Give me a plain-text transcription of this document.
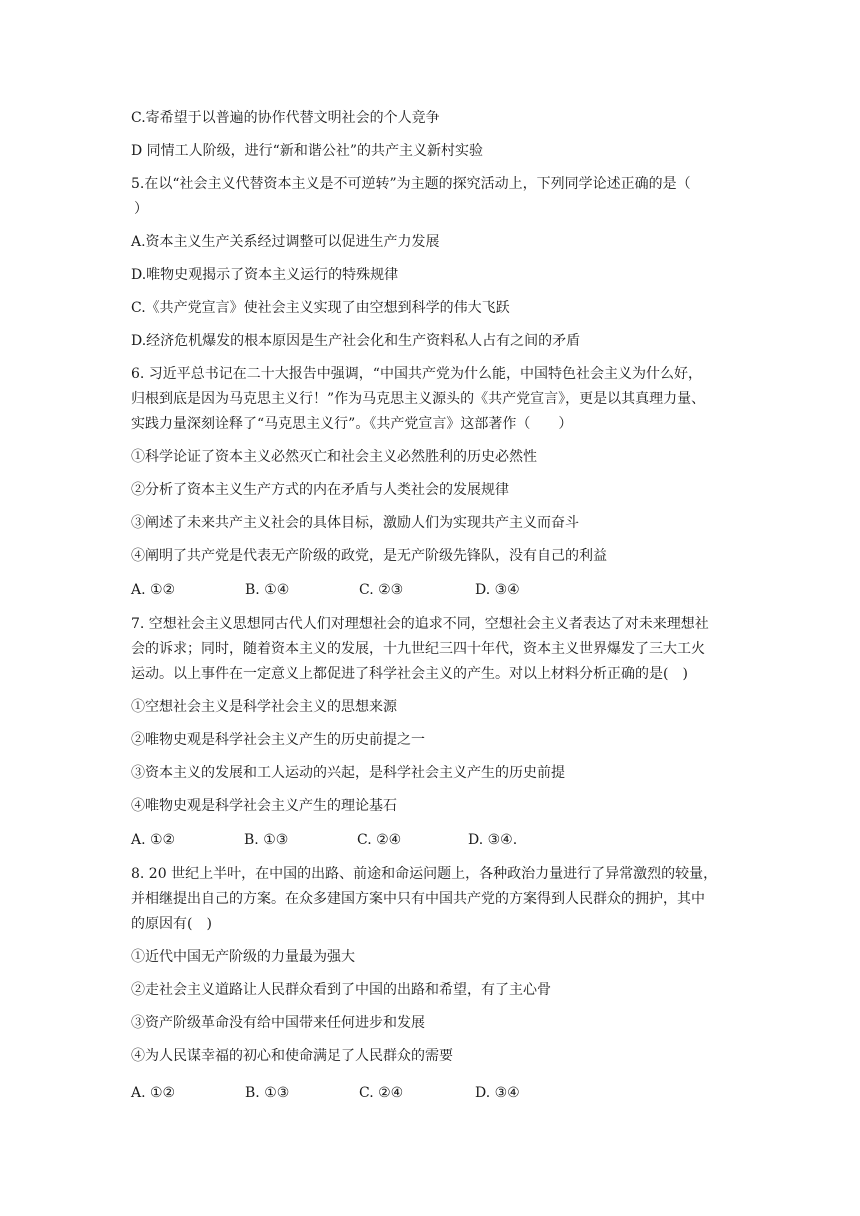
C.寄希望于以普遍的协作代替文明社会的个人竞争
D 同情工人阶级，进行“新和谐公社”的共产主义新村实验
5.在以“社会主义代替资本主义是不可逆转”为主题的探究活动上，下列同学论述正确的是（
）
A.资本主义生产关系经过调整可以促进生产力发展
D.唯物史观揭示了资本主义运行的特殊规律
C.《共产党宣言》使社会主义实现了由空想到科学的伟大飞跃
D.经济危机爆发的根本原因是生产社会化和生产资料私人占有之间的矛盾
6. 习近平总书记在二十大报告中强调，“中国共产党为什么能，中国特色社会主义为什么好，
归根到底是因为马克思主义行！”作为马克思主义源头的《共产党宣言》，更是以其真理力量、
实践力量深刻诠释了“马克思主义行”。《共产党宣言》这部著作（　　）
①科学论证了资本主义必然灭亡和社会主义必然胜利的历史必然性
②分析了资本主义生产方式的内在矛盾与人类社会的发展规律
③阐述了未来共产主义社会的具体目标，激励人们为实现共产主义而奋斗
④阐明了共产党是代表无产阶级的政党，是无产阶级先锋队，没有自己的利益
A. ①②	B. ①④	C. ②③	D. ③④
7. 空想社会主义思想同古代人们对理想社会的追求不同，空想社会主义者表达了对未来理想社
会的诉求；同时，随着资本主义的发展，十九世纪三四十年代，资本主义世界爆发了三大工火
运动。以上事件在一定意义上都促进了科学社会主义的产生。对以上材料分析正确的是(　)
①空想社会主义是科学社会主义的思想来源
②唯物史观是科学社会主义产生的历史前提之一
③资本主义的发展和工人运动的兴起，是科学社会主义产生的历史前提
④唯物史观是科学社会主义产生的理论基石
A. ①②	B. ①③	C. ②④	D. ③④.
8. 20 世纪上半叶，在中国的出路、前途和命运问题上，各种政治力量进行了异常激烈的较量，
并相继提出自己的方案。在众多建国方案中只有中国共产党的方案得到人民群众的拥护，其中
的原因有(　)
①近代中国无产阶级的力量最为强大
②走社会主义道路让人民群众看到了中国的出路和希望，有了主心骨
③资产阶级革命没有给中国带来任何进步和发展
④为人民谋幸福的初心和使命满足了人民群众的需要
A. ①②	B. ①③	C. ②④	D. ③④
